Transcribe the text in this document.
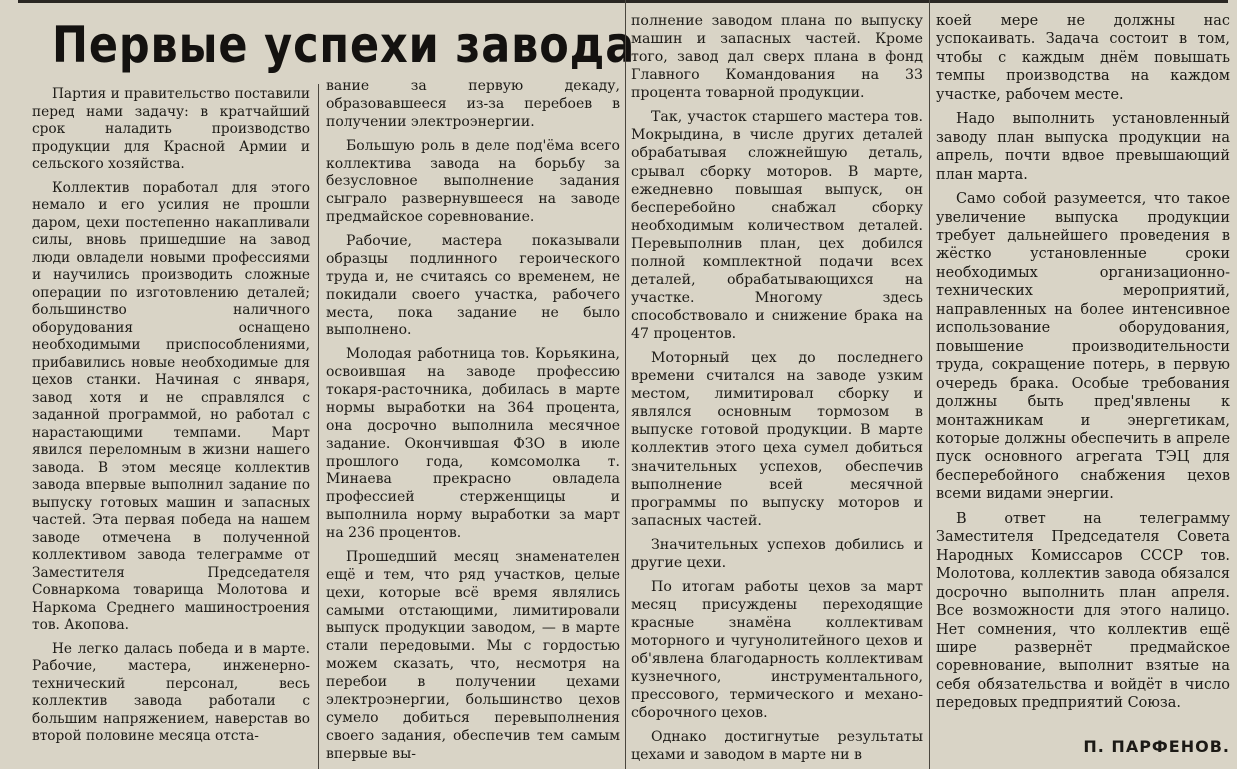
Первые успехи завода

Партия и правительство поставили перед нами задачу: в кратчайший срок наладить производство продукции для Красной Армии и сельского хозяйства.

Коллектив поработал для этого немало и его усилия не прошли даром, цехи постепенно накапливали силы, вновь пришедшие на завод люди овладели новыми профессиями и научились производить сложные операции по изготовлению деталей; большинство наличного оборудования оснащено необходимыми приспособлениями, прибавились новые необходимые для цехов станки. Начиная с января, завод хотя и не справлялся с заданной программой, но работал с нарастающими темпами. Март явился переломным в жизни нашего завода. В этом месяце коллектив завода впервые выполнил задание по выпуску готовых машин и запасных частей. Эта первая победа на нашем заводе отмечена в полученной коллективом завода телеграмме от Заместителя Председателя Совнаркома товарища Молотова и Наркома Среднего машиностроения тов. Акопова.

Не легко далась победа и в марте. Рабочие, мастера, инженерно-технический персонал, весь коллектив завода работали с большим напряжением, наверстав во второй половине месяца отста-

вание за первую декаду, образовавшееся из-за перебоев в получении электроэнергии.

Большую роль в деле под'ёма всего коллектива завода на борьбу за безусловное выполнение задания сыграло развернувшееся на заводе предмайское соревнование.

Рабочие, мастера показывали образцы подлинного героического труда и, не считаясь со временем, не покидали своего участка, рабочего места, пока задание не было выполнено.

Молодая работница тов. Корьякина, освоившая на заводе профессию токаря-расточника, добилась в марте нормы выработки на 364 процента, она досрочно выполнила месячное задание. Окончившая ФЗО в июле прошлого года, комсомолка т. Минаева прекрасно овладела профессией стерженщицы и выполнила норму выработки за март на 236 процентов.

Прошедший месяц знаменателен ещё и тем, что ряд участков, целые цехи, которые всё время являлись самыми отстающими, лимитировали выпуск продукции заводом, — в марте стали передовыми. Мы с гордостью можем сказать, что, несмотря на перебои в получении цехами электроэнергии, большинство цехов сумело добиться перевыполнения своего задания, обеспечив тем самым впервые вы-

полнение заводом плана по выпуску машин и запасных частей. Кроме того, завод дал сверх плана в фонд Главного Командования на 33 процента товарной продукции.

Так, участок старшего мастера тов. Мокрыдина, в числе других деталей обрабатывая сложнейшую деталь, срывал сборку моторов. В марте, ежедневно повышая выпуск, он бесперебойно снабжал сборку необходимым количеством деталей. Перевыполнив план, цех добился полной комплектной подачи всех деталей, обрабатывающихся на участке. Многому здесь способствовало и снижение брака на 47 процентов.

Моторный цех до последнего времени считался на заводе узким местом, лимитировал сборку и являлся основным тормозом в выпуске готовой продукции. В марте коллектив этого цеха сумел добиться значительных успехов, обеспечив выполнение всей месячной программы по выпуску моторов и запасных частей.

Значительных успехов добились и другие цехи.

По итогам работы цехов за март месяц присуждены переходящие красные знамёна коллективам моторного и чугунолитейного цехов и об'явлена благодарность коллективам кузнечного, инструментального, прессового, термического и механо-сборочного цехов.

Однако достигнутые результаты цехами и заводом в марте ни в

коей мере не должны нас успокаивать. Задача состоит в том, чтобы с каждым днём повышать темпы производства на каждом участке, рабочем месте.

Надо выполнить установленный заводу план выпуска продукции на апрель, почти вдвое превышающий план марта.

Само собой разумеется, что такое увеличение выпуска продукции требует дальнейшего проведения в жёстко установленные сроки необходимых организационно-технических мероприятий, направленных на более интенсивное использование оборудования, повышение производительности труда, сокращение потерь, в первую очередь брака. Особые требования должны быть пред'явлены к монтажникам и энергетикам, которые должны обеспечить в апреле пуск основного агрегата ТЭЦ для бесперебойного снабжения цехов всеми видами энергии.

В ответ на телеграмму Заместителя Председателя Совета Народных Комиссаров СССР тов. Молотова, коллектив завода обязался досрочно выполнить план апреля. Все возможности для этого налицо. Нет сомнения, что коллектив ещё шире развернёт предмайское соревнование, выполнит взятые на себя обязательства и войдёт в число передовых предприятий Союза.

П. ПАРФЕНОВ.
